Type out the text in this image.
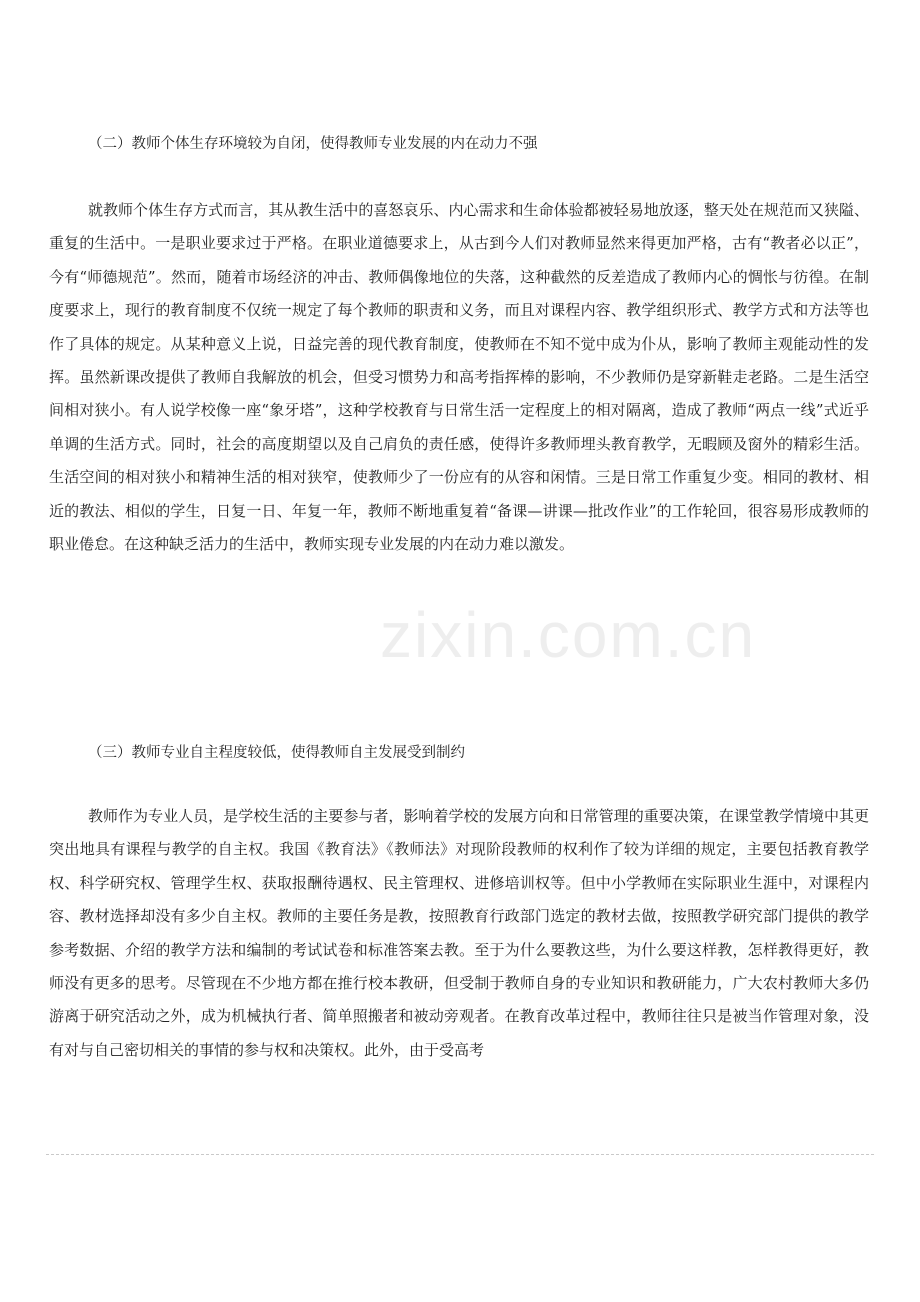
zixin.com.cn
（二）教师个体生存环境较为自闭，使得教师专业发展的内在动力不强

就教师个体生存方式而言，其从教生活中的喜怒哀乐、内心需求和生命体验都被轻易地放逐，整天处在规范而又狭隘、重复的生活中。一是职业要求过于严格。在职业道德要求上，从古到今人们对教师显然来得更加严格，古有“教者必以正”，今有“师德规范”。然而，随着市场经济的冲击、教师偶像地位的失落，这种截然的反差造成了教师内心的惆怅与彷徨。在制度要求上，现行的教育制度不仅统一规定了每个教师的职责和义务，而且对课程内容、教学组织形式、教学方式和方法等也作了具体的规定。从某种意义上说，日益完善的现代教育制度，使教师在不知不觉中成为仆从，影响了教师主观能动性的发挥。虽然新课改提供了教师自我解放的机会，但受习惯势力和高考指挥棒的影响，不少教师仍是穿新鞋走老路。二是生活空间相对狭小。有人说学校像一座“象牙塔”，这种学校教育与日常生活一定程度上的相对隔离，造成了教师“两点一线”式近乎单调的生活方式。同时，社会的高度期望以及自己肩负的责任感，使得许多教师埋头教育教学，无暇顾及窗外的精彩生活。生活空间的相对狭小和精神生活的相对狭窄，使教师少了一份应有的从容和闲情。三是日常工作重复少变。相同的教材、相近的教法、相似的学生，日复一日、年复一年，教师不断地重复着“备课—讲课—批改作业”的工作轮回，很容易形成教师的职业倦怠。在这种缺乏活力的生活中，教师实现专业发展的内在动力难以激发。

（三）教师专业自主程度较低，使得教师自主发展受到制约

教师作为专业人员，是学校生活的主要参与者，影响着学校的发展方向和日常管理的重要决策，在课堂教学情境中其更突出地具有课程与教学的自主权。我国《教育法》《教师法》对现阶段教师的权利作了较为详细的规定，主要包括教育教学权、科学研究权、管理学生权、获取报酬待遇权、民主管理权、进修培训权等。但中小学教师在实际职业生涯中，对课程内容、教材选择却没有多少自主权。教师的主要任务是教，按照教育行政部门选定的教材去做，按照教学研究部门提供的教学参考数据、介绍的教学方法和编制的考试试卷和标准答案去教。至于为什么要教这些，为什么要这样教，怎样教得更好，教师没有更多的思考。尽管现在不少地方都在推行校本教研，但受制于教师自身的专业知识和教研能力，广大农村教师大多仍游离于研究活动之外，成为机械执行者、简单照搬者和被动旁观者。在教育改革过程中，教师往往只是被当作管理对象，没有对与自己密切相关的事情的参与权和决策权。此外，由于受高考
